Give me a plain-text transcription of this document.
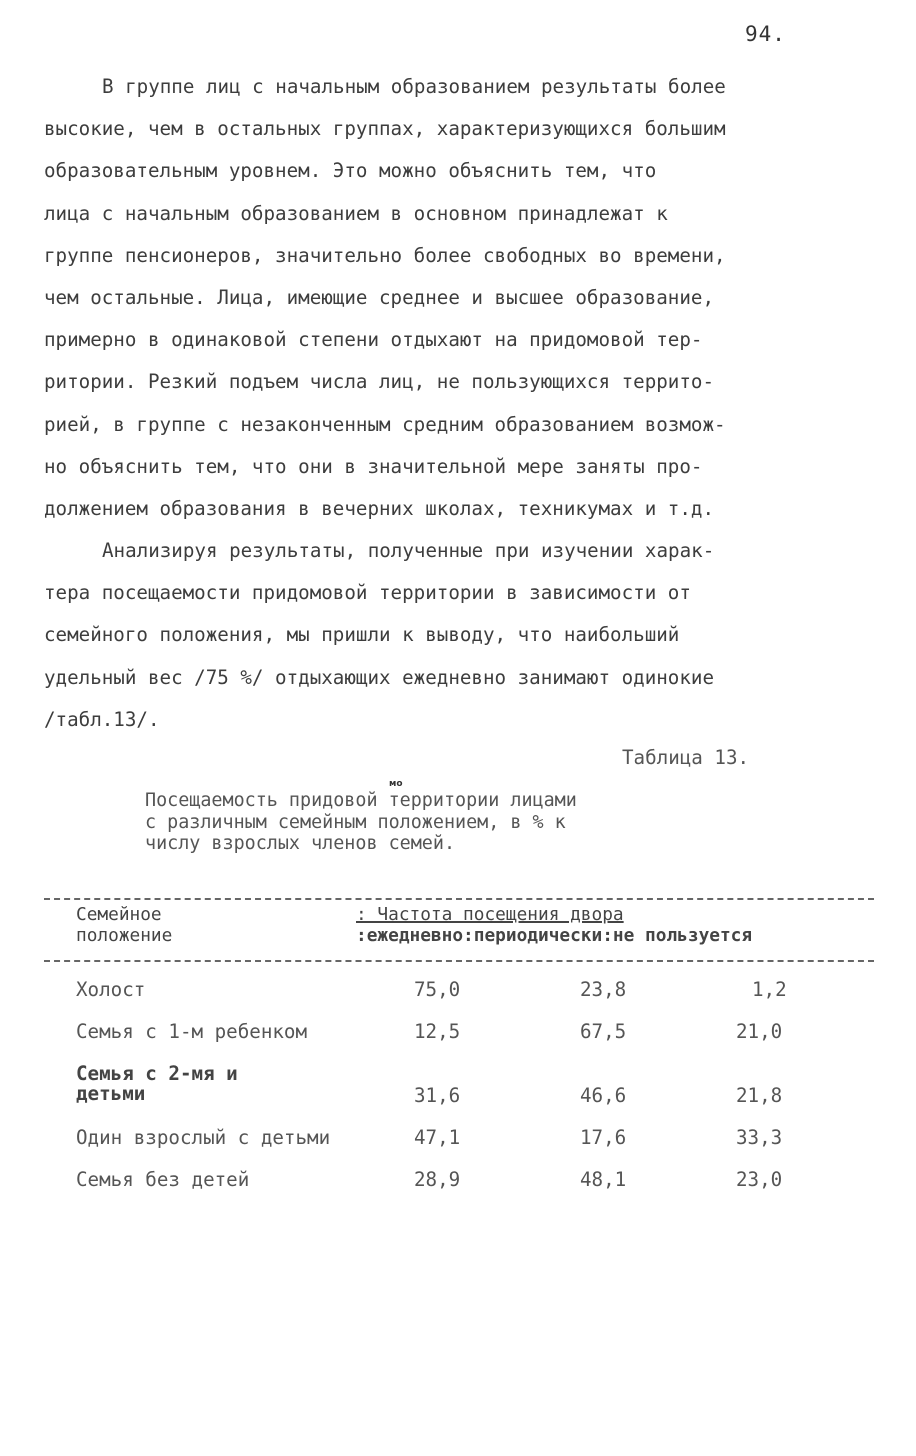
94.
В группе лиц с начальным образованием результаты более
высокие, чем в остальных группах, характеризующихся большим
образовательным уровнем. Это можно объяснить тем, что
лица с начальным образованием в основном принадлежат к
группе пенсионеров, значительно более свободных во времени,
чем остальные. Лица, имеющие среднее и высшее образование,
примерно в одинаковой степени отдыхают на придомовой тер-
ритории. Резкий подъем числа лиц, не пользующихся террито-
рией, в группе с незаконченным средним образованием возмож-
но объяснить тем, что они в значительной мере заняты про-
должением образования в вечерних школах, техникумах и т.д.
Анализируя результаты, полученные при изучении харак-
тера посещаемости придомовой территории в зависимости от
семейного положения, мы пришли к выводу, что наибольший
удельный вес /75 %/ отдыхающих ежедневно занимают одинокие
/табл.13/.
Таблица 13.
мо
Посещаемость придовой территории лицами
с различным семейным положением, в % к
числу взрослых членов семей.
Семейное
положение
: Частота посещения двора
:ежедневно:периодически:не пользуется
Холост	75,0	23,8	1,2
Семья с 1-м ребенком	12,5	67,5	21,0
Семья с 2-мя и
детьми	31,6	46,6	21,8
Один взрослый с детьми	47,1	17,6	33,3
Семья без детей	28,9	48,1	23,0
